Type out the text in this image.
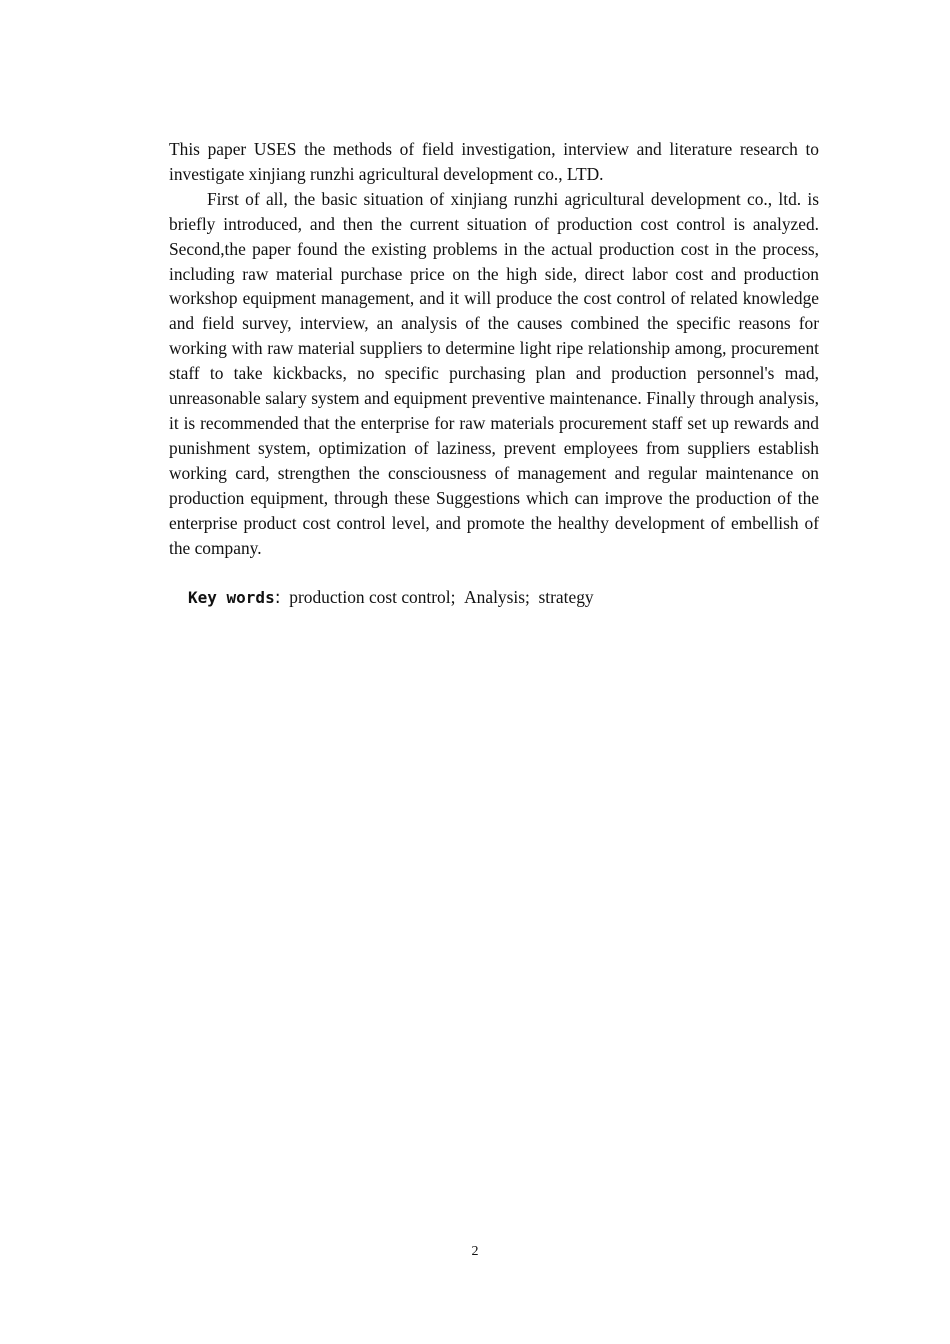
This paper USES the methods of field investigation, interview and literature research to investigate xinjiang runzhi agricultural development co., LTD.

First of all, the basic situation of xinjiang runzhi agricultural development co., ltd. is briefly introduced, and then the current situation of production cost control is analyzed. Second,the paper found the existing problems in the actual production cost in the process, including raw material purchase price on the high side, direct labor cost and production workshop equipment management, and it will produce the cost control of related knowledge and field survey, interview, an analysis of the causes combined the specific reasons for working with raw material suppliers to determine light ripe relationship among, procurement staff to take kickbacks, no specific purchasing plan and production personnel's mad, unreasonable salary system and equipment preventive maintenance. Finally through analysis, it is recommended that the enterprise for raw materials procurement staff set up rewards and punishment system, optimization of laziness, prevent employees from suppliers establish working card, strengthen the consciousness of management and regular maintenance on production equipment, through these Suggestions which can improve the production of the enterprise product cost control level, and promote the healthy development of embellish of the company.

Key words: production cost control; Analysis; strategy
2
